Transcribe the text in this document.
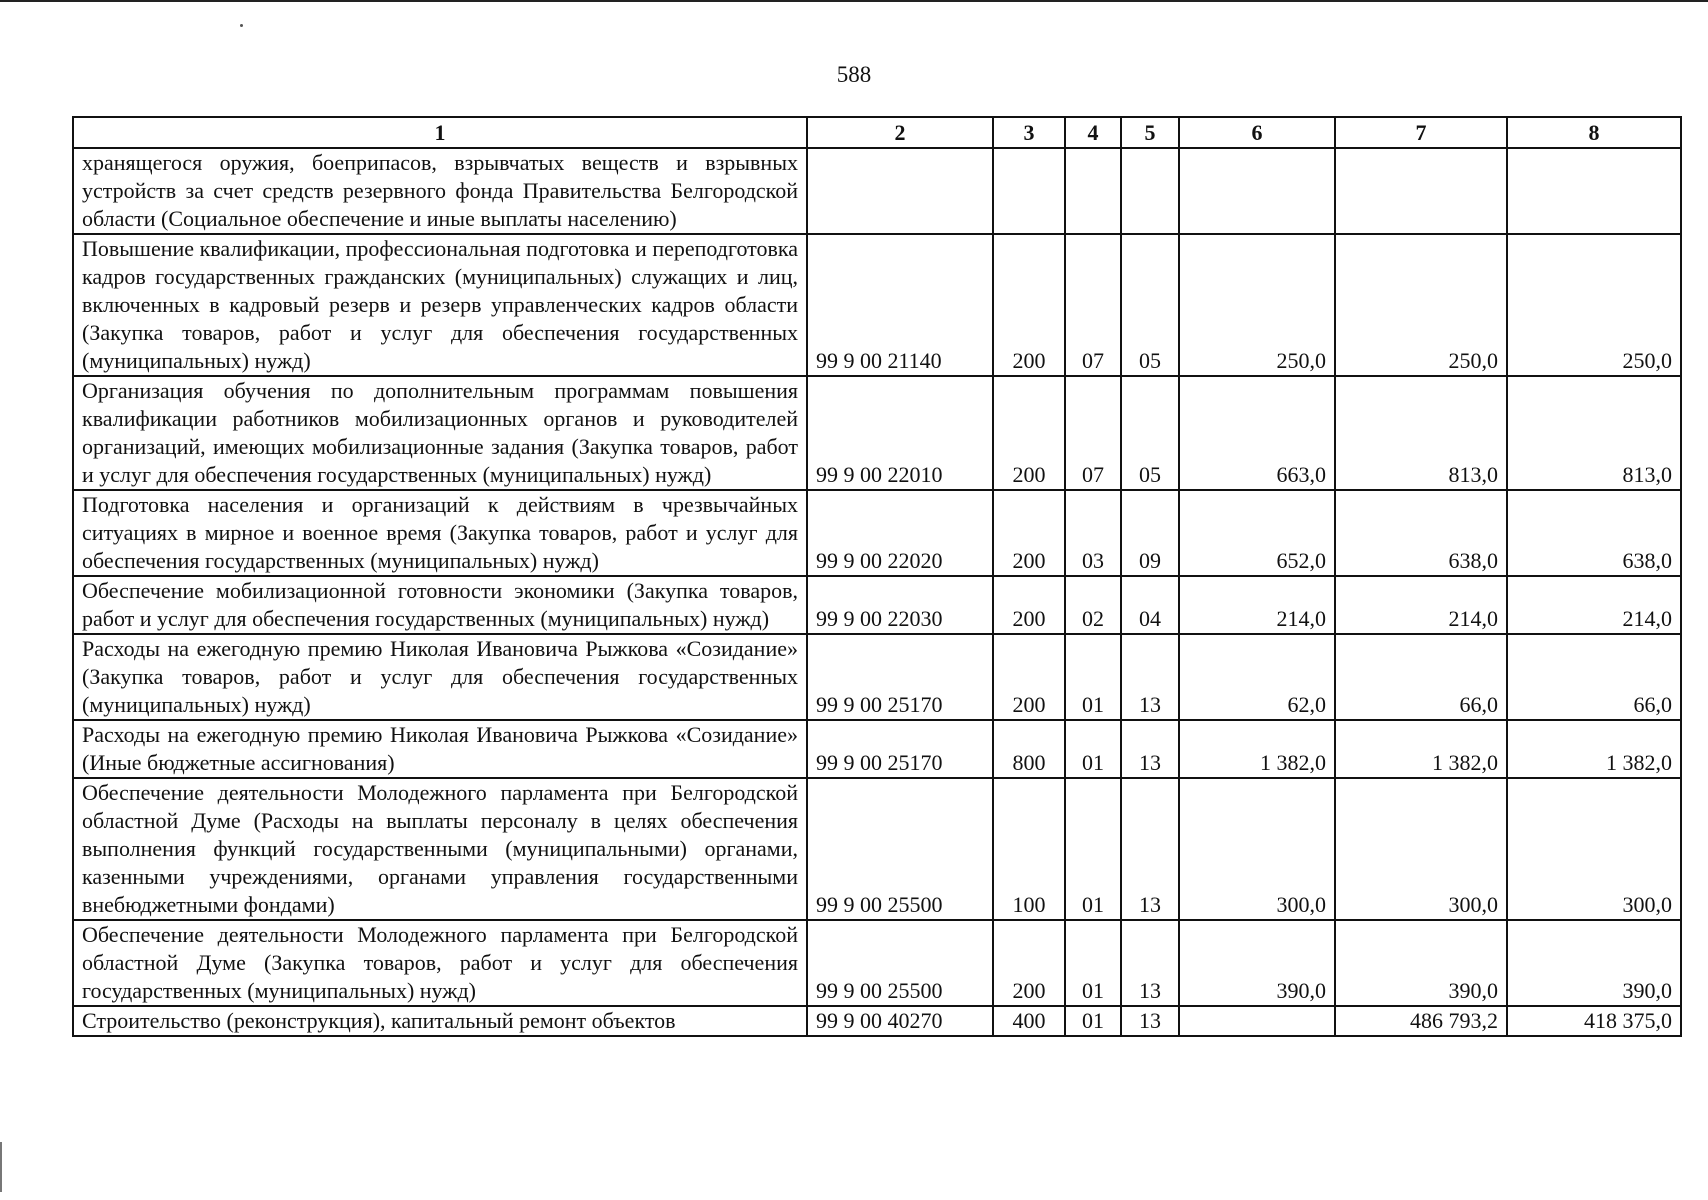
588
1	2	3	4	5	6	7	8
хранящегося оружия, боеприпасов, взрывчатых веществ и взрывных устройств за счет средств резервного фонда Правительства Белгородской области (Социальное обеспечение и иные выплаты населению)							
Повышение квалификации, профессиональная подготовка и переподготовка кадров государственных гражданских (муниципальных) служащих и лиц, включенных в кадровый резерв и резерв управленческих кадров области (Закупка товаров, работ и услуг для обеспечения государственных (муниципальных) нужд)	99 9 00 21140	200	07	05	250,0	250,0	250,0
Организация обучения по дополнительным программам повышения квалификации работников мобилизационных органов и руководителей организаций, имеющих мобилизационные задания (Закупка товаров, работ и услуг для обеспечения государственных (муниципальных) нужд)	99 9 00 22010	200	07	05	663,0	813,0	813,0
Подготовка населения и организаций к действиям в чрезвычайных ситуациях в мирное и военное время (Закупка товаров, работ и услуг для обеспечения государственных (муниципальных) нужд)	99 9 00 22020	200	03	09	652,0	638,0	638,0
Обеспечение мобилизационной готовности экономики (Закупка товаров, работ и услуг для обеспечения государственных (муниципальных) нужд)	99 9 00 22030	200	02	04	214,0	214,0	214,0
Расходы на ежегодную премию Николая Ивановича Рыжкова «Созидание» (Закупка товаров, работ и услуг для обеспечения государственных (муниципальных) нужд)	99 9 00 25170	200	01	13	62,0	66,0	66,0
Расходы на ежегодную премию Николая Ивановича Рыжкова «Созидание» (Иные бюджетные ассигнования)	99 9 00 25170	800	01	13	1 382,0	1 382,0	1 382,0
Обеспечение деятельности Молодежного парламента при Белгородской областной Думе (Расходы на выплаты персоналу в целях обеспечения выполнения функций государственными (муниципальными) органами, казенными учреждениями, органами управления государственными внебюджетными фондами)	99 9 00 25500	100	01	13	300,0	300,0	300,0
Обеспечение деятельности Молодежного парламента при Белгородской областной Думе (Закупка товаров, работ и услуг для обеспечения государственных (муниципальных) нужд)	99 9 00 25500	200	01	13	390,0	390,0	390,0
Строительство (реконструкция), капитальный ремонт объектов	99 9 00 40270	400	01	13		486 793,2	418 375,0
